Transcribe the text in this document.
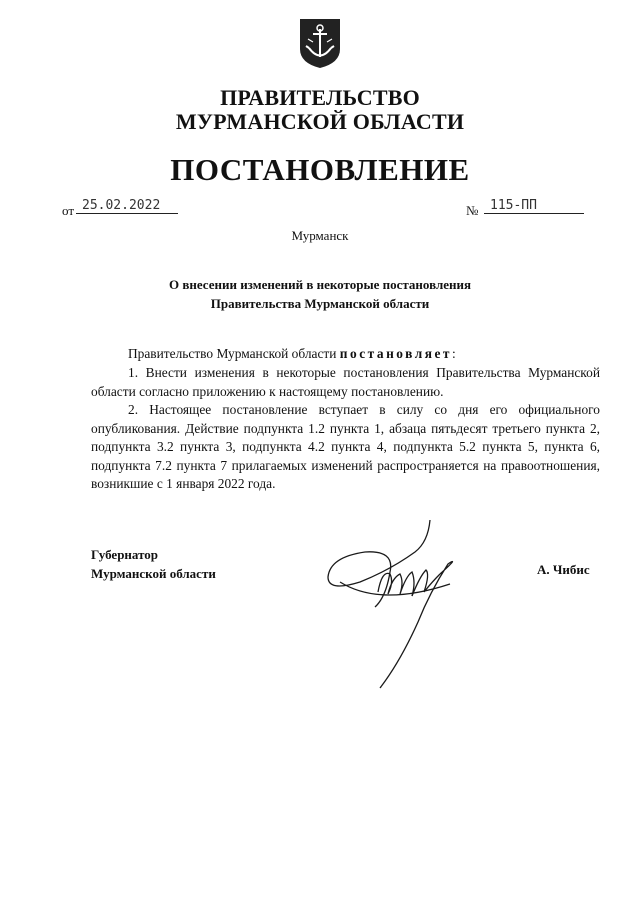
ПРАВИТЕЛЬСТВО
МУРМАНСКОЙ ОБЛАСТИ
ПОСТАНОВЛЕНИЕ
от 25.02.2022	№ 115-ПП
Мурманск
О внесении изменений в некоторые постановления
Правительства Мурманской области
Правительство Мурманской области постановляет:
1. Внести изменения в некоторые постановления Правительства Мурманской области согласно приложению к настоящему постановлению.
2. Настоящее постановление вступает в силу со дня его официального опубликования. Действие подпункта 1.2 пункта 1, абзаца пятьдесят третьего пункта 2, подпункта 3.2 пункта 3, подпункта 4.2 пункта 4, подпункта 5.2 пункта 5, пункта 6, подпункта 7.2 пункта 7 прилагаемых изменений распространяется на правоотношения, возникшие с 1 января 2022 года.
Губернатор
Мурманской области	А. Чибис
